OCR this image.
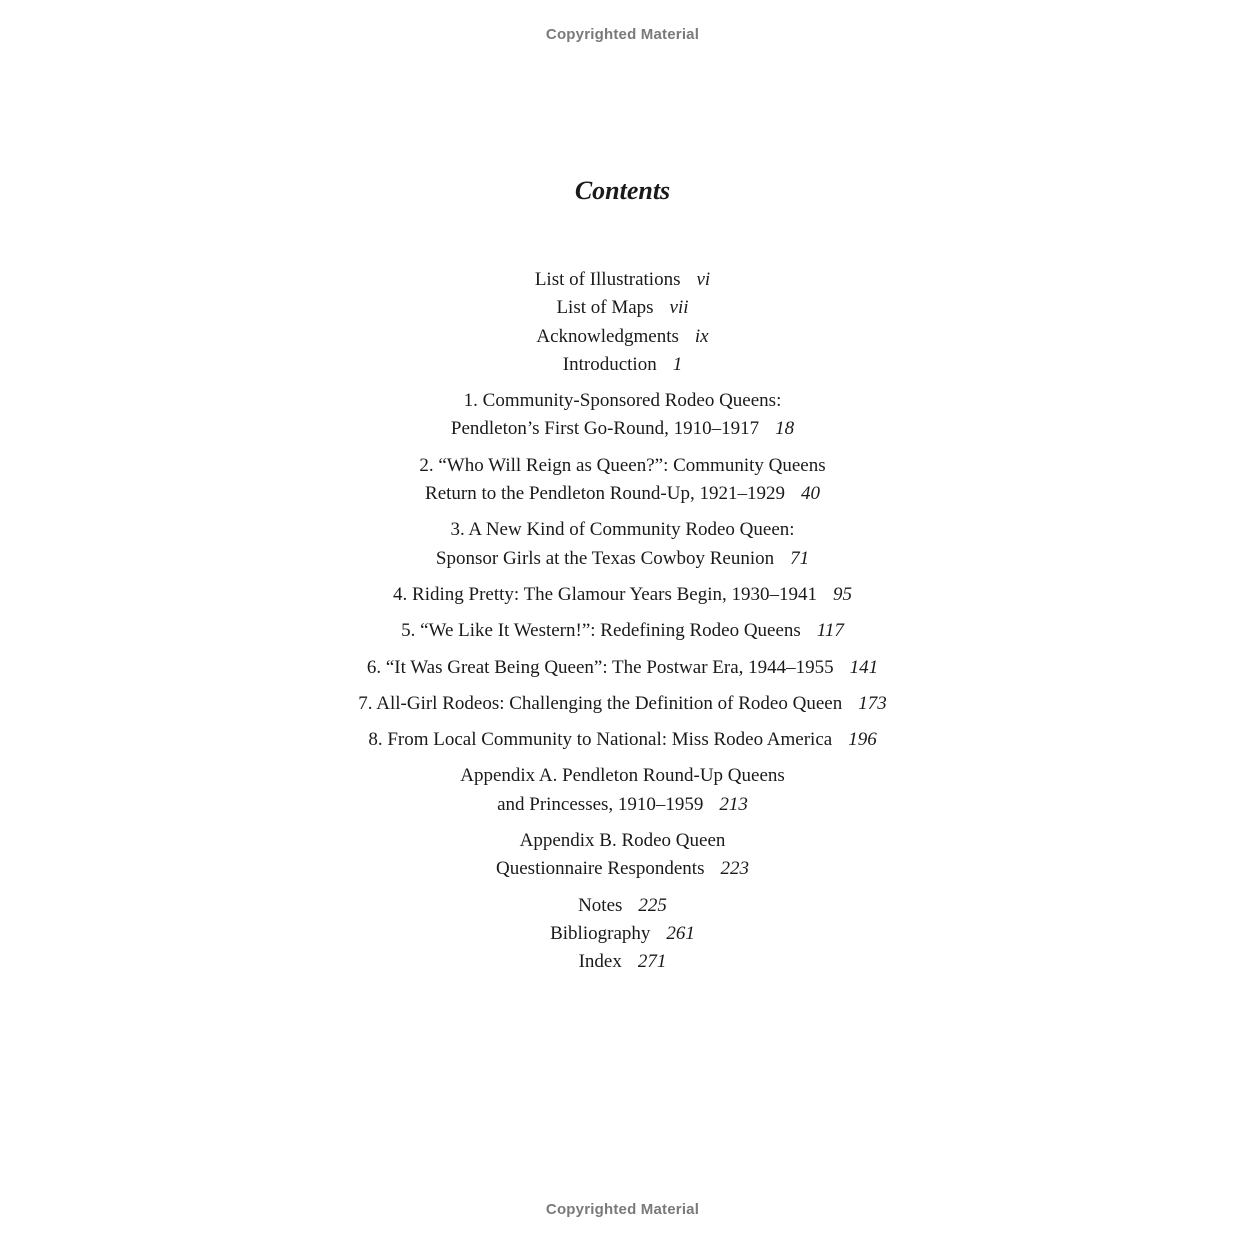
Copyrighted Material
Contents

List of Illustrations vi

List of Maps vii

Acknowledgments ix

Introduction 1

1. Community-Sponsored Rodeo Queens:
Pendleton’s First Go-Round, 1910–1917 18

2. “Who Will Reign as Queen?”: Community Queens
Return to the Pendleton Round-Up, 1921–1929 40

3. A New Kind of Community Rodeo Queen:
Sponsor Girls at the Texas Cowboy Reunion 71

4. Riding Pretty: The Glamour Years Begin, 1930–1941 95

5. “We Like It Western!”: Redefining Rodeo Queens 117

6. “It Was Great Being Queen”: The Postwar Era, 1944–1955 141

7. All-Girl Rodeos: Challenging the Definition of Rodeo Queen 173

8. From Local Community to National: Miss Rodeo America 196

Appendix A. Pendleton Round-Up Queens
and Princesses, 1910–1959 213

Appendix B. Rodeo Queen
Questionnaire Respondents 223

Notes 225

Bibliography 261

Index 271

Copyrighted Material
